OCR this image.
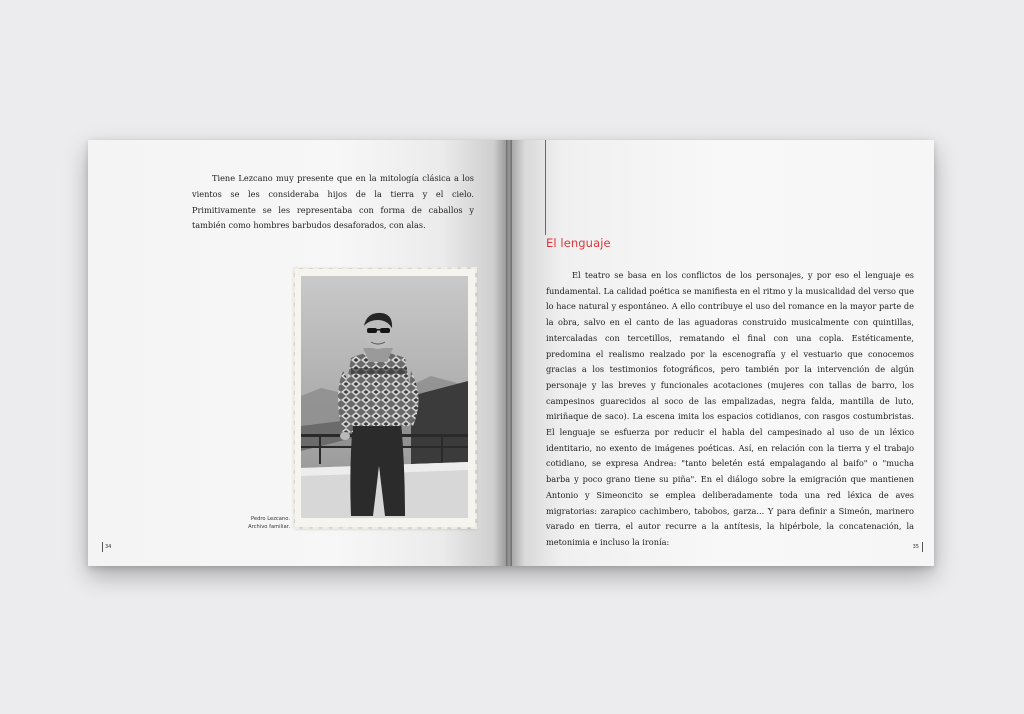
Tiene Lezcano muy presente que en la mitología clásica a los vientos se les consideraba hijos de la tierra y el cielo. Primitivamente se les representaba con forma de caballos y también como hombres barbudos desaforados, con alas.

Pedro Lezcano.
Archivo familiar.
34
El lenguaje

El teatro se basa en los conflictos de los personajes, y por eso el lenguaje es fundamental. La calidad poética se manifiesta en el ritmo y la musicalidad del verso que lo hace natural y espontáneo. A ello contribuye el uso del romance en la mayor parte de la obra, salvo en el canto de las aguadoras construido musicalmente con quintillas, intercaladas con tercetillos, rematando el final con una copla. Estéticamente, predomina el realismo realzado por la escenografía y el vestuario que conocemos gracias a los testimonios fotográficos, pero también por la intervención de algún personaje y las breves y funcionales acotaciones (mujeres con tallas de barro, los campesinos guarecidos al soco de las empalizadas, negra falda, mantilla de luto, miriñaque de saco). La escena imita los espacios cotidianos, con rasgos costumbristas. El lenguaje se esfuerza por reducir el habla del campesinado al uso de un léxico identitario, no exento de imágenes poéticas. Así, en relación con la tierra y el trabajo cotidiano, se expresa Andrea: "tanto beletén está empalagando al baifo" o "mucha barba y poco grano tiene su piña". En el diálogo sobre la emigración que mantienen Antonio y Simeoncito se emplea deliberadamente toda una red léxica de aves migratorias: zarapico cachimbero, tabobos, garza... Y para definir a Simeón, marinero varado en tierra, el autor recurre a la antítesis, la hipérbole, la concatenación, la metonimia e incluso la ironía:

35
